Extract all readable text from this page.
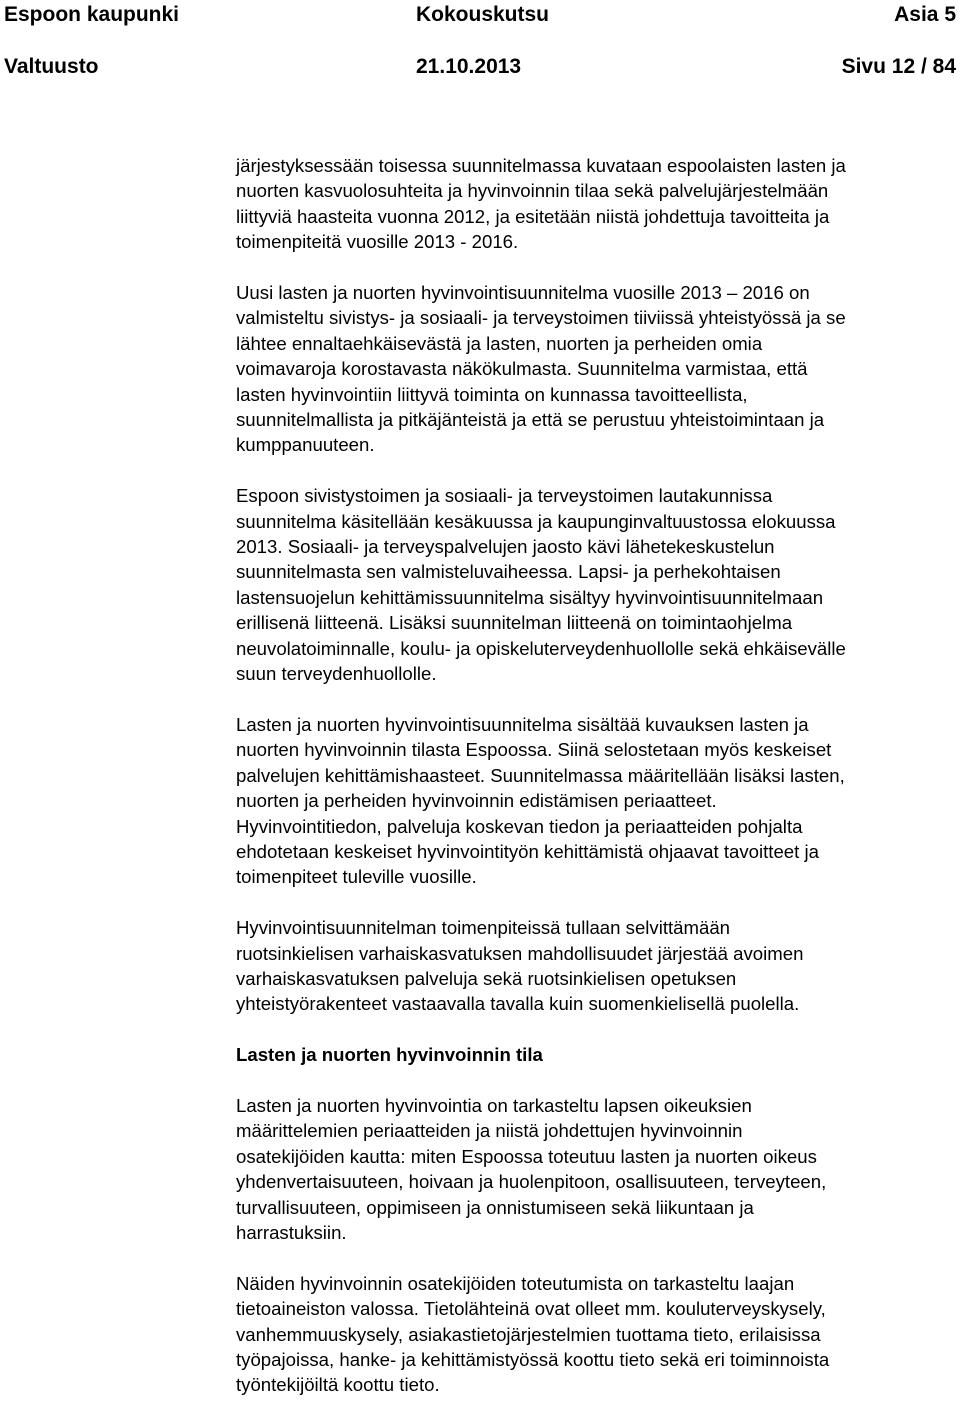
Espoon kaupunki	Kokouskutsu	Asia 5
Valtuusto	21.10.2013	Sivu 12 / 84

järjestyksessään toisessa suunnitelmassa kuvataan espoolaisten lasten ja
nuorten kasvuolosuhteita ja hyvinvoinnin tilaa sekä palvelujärjestelmään
liittyviä haasteita vuonna 2012, ja esitetään niistä johdettuja tavoitteita ja
toimenpiteitä vuosille 2013 - 2016.

Uusi lasten ja nuorten hyvinvointisuunnitelma vuosille 2013 – 2016 on
valmisteltu sivistys- ja sosiaali- ja terveystoimen tiiviissä yhteistyössä ja se
lähtee ennaltaehkäisevästä ja lasten, nuorten ja perheiden omia
voimavaroja korostavasta näkökulmasta. Suunnitelma varmistaa, että
lasten hyvinvointiin liittyvä toiminta on kunnassa tavoitteellista,
suunnitelmallista ja pitkäjänteistä ja että se perustuu yhteistoimintaan ja
kumppanuuteen.

Espoon sivistystoimen ja sosiaali- ja terveystoimen lautakunnissa
suunnitelma käsitellään kesäkuussa ja kaupunginvaltuustossa elokuussa
2013. Sosiaali- ja terveyspalvelujen jaosto kävi lähetekeskustelun
suunnitelmasta sen valmisteluvaiheessa. Lapsi- ja perhekohtaisen
lastensuojelun kehittämissuunnitelma sisältyy hyvinvointisuunnitelmaan
erillisenä liitteenä. Lisäksi suunnitelman liitteenä on toimintaohjelma
neuvolatoiminnalle, koulu- ja opiskeluterveydenhuollolle sekä ehkäisevälle
suun terveydenhuollolle.

Lasten ja nuorten hyvinvointisuunnitelma sisältää kuvauksen lasten ja
nuorten hyvinvoinnin tilasta Espoossa. Siinä selostetaan myös keskeiset
palvelujen kehittämishaasteet. Suunnitelmassa määritellään lisäksi lasten,
nuorten ja perheiden hyvinvoinnin edistämisen periaatteet.
Hyvinvointitiedon, palveluja koskevan tiedon ja periaatteiden pohjalta
ehdotetaan keskeiset hyvinvointityön kehittämistä ohjaavat tavoitteet ja
toimenpiteet tuleville vuosille.

Hyvinvointisuunnitelman toimenpiteissä tullaan selvittämään
ruotsinkielisen varhaiskasvatuksen mahdollisuudet järjestää avoimen
varhaiskasvatuksen palveluja sekä ruotsinkielisen opetuksen
yhteistyörakenteet vastaavalla tavalla kuin suomenkielisellä puolella.

Lasten ja nuorten hyvinvoinnin tila

Lasten ja nuorten hyvinvointia on tarkasteltu lapsen oikeuksien
määrittelemien periaatteiden ja niistä johdettujen hyvinvoinnin
osatekijöiden kautta: miten Espoossa toteutuu lasten ja nuorten oikeus
yhdenvertaisuuteen, hoivaan ja huolenpitoon, osallisuuteen, terveyteen,
turvallisuuteen, oppimiseen ja onnistumiseen sekä liikuntaan ja
harrastuksiin.

Näiden hyvinvoinnin osatekijöiden toteutumista on tarkasteltu laajan
tietoaineiston valossa. Tietolähteinä ovat olleet mm. kouluterveyskysely,
vanhemmuuskysely, asiakastietojärjestelmien tuottama tieto, erilaisissa
työpajoissa, hanke- ja kehittämistyössä koottu tieto sekä eri toiminnoista
työntekijöiltä koottu tieto.
